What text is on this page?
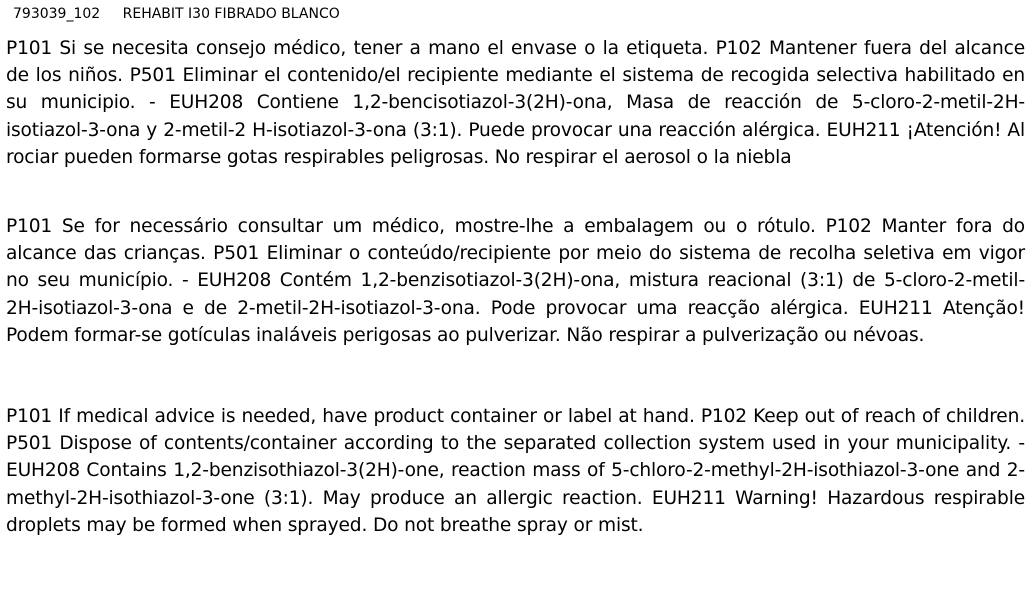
793039_102 REHABIT I30 FIBRADO BLANCO

P101 Si se necesita consejo médico, tener a mano el envase o la etiqueta. P102 Mantener fuera del alcance de los niños. P501 Eliminar el contenido/el recipiente mediante el sistema de recogida selectiva habilitado en su municipio. - EUH208 Contiene 1,2-bencisotiazol-3(2H)-ona, Masa de reacción de 5-cloro-2-metil-2H-isotiazol-3-ona y 2-metil-2 H-isotiazol-3-ona (3:1). Puede provocar una reacción alérgica. EUH211 ¡Atención! Al rociar pueden formarse gotas respirables peligrosas. No respirar el aerosol o la niebla

P101 Se for necessário consultar um médico, mostre-lhe a embalagem ou o rótulo. P102 Manter fora do alcance das crianças. P501 Eliminar o conteúdo/recipiente por meio do sistema de recolha seletiva em vigor no seu município. - EUH208 Contém 1,2-benzisotiazol-3(2H)-ona, mistura reacional (3:1) de 5-cloro-2-metil-2H-isotiazol-3-ona e de 2-metil-2H-isotiazol-3-ona. Pode provocar uma reacção alérgica. EUH211 Atenção! Podem formar-se gotículas inaláveis perigosas ao pulverizar. Não respirar a pulverização ou névoas.

P101 If medical advice is needed, have product container or label at hand. P102 Keep out of reach of children. P501 Dispose of contents/container according to the separated collection system used in your municipality. - EUH208 Contains 1,2-benzisothiazol-3(2H)-one, reaction mass of 5-chloro-2-methyl-2H-isothiazol-3-one and 2-methyl-2H-isothiazol-3-one (3:1). May produce an allergic reaction. EUH211 Warning! Hazardous respirable droplets may be formed when sprayed. Do not breathe spray or mist.
